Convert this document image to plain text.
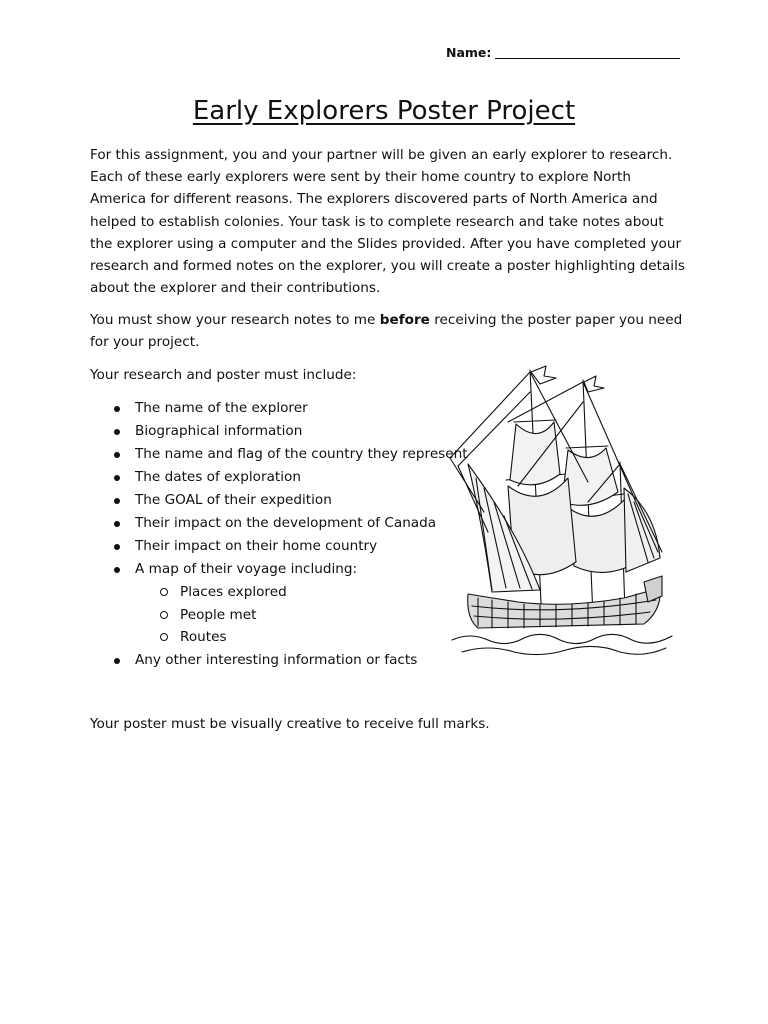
Name:
Early Explorers Poster Project
For this assignment, you and your partner will be given an early explorer to research. Each of these early explorers were sent by their home country to explore North America for different reasons. The explorers discovered parts of North America and helped to establish colonies. Your task is to complete research and take notes about the explorer using a computer and the Slides provided. After you have completed your research and formed notes on the explorer, you will create a poster highlighting details about the explorer and their contributions.
You must show your research notes to me before receiving the poster paper you need for your project.
Your research and poster must include:
The name of the explorer
Biographical information
The name and flag of the country they represent
The dates of exploration
The GOAL of their expedition
Their impact on the development of Canada
Their impact on their home country
A map of their voyage including:
Places explored
People met
Routes
Any other interesting information or facts
Your poster must be visually creative to receive full marks.
